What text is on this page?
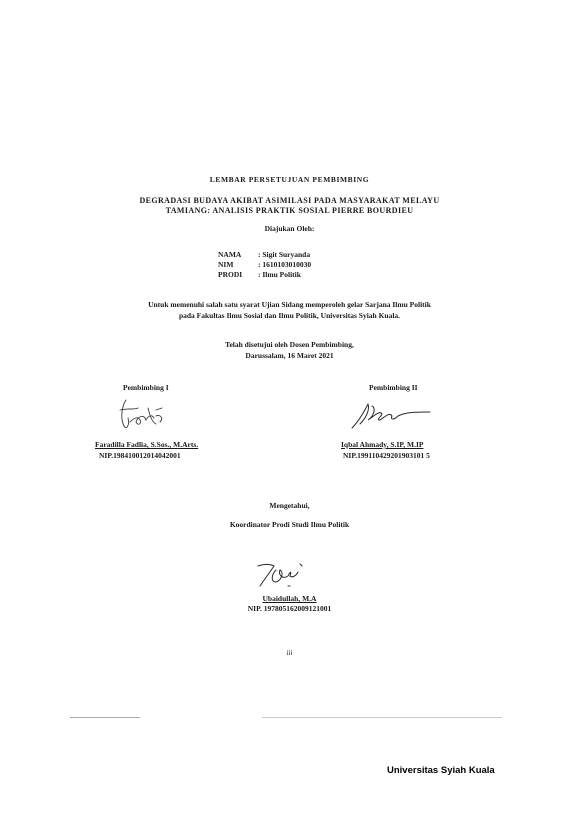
LEMBAR PERSETUJUAN PEMBIMBING
DEGRADASI BUDAYA AKIBAT ASIMILASI PADA MASYARAKAT MELAYU
TAMIANG: ANALISIS PRAKTIK SOSIAL PIERRE BOURDIEU
Diajukan Oleh:
NAMA	: Sigit Suryanda
NIM	: 1610103010030
PRODI	: Ilmu Politik
Untuk memenuhi salah satu syarat Ujian Sidang memperoleh gelar Sarjana Ilmu Politik
pada Fakultas Ilmu Sosial dan Ilmu Politik, Universitas Syiah Kuala.
Telah disetujui oleh Dosen Pembimbing,
Darussalam, 16 Maret 2021
Pembimbing I
Faradilla Fadlia, S.Sos., M.Arts.
NIP.198410012014042001
Pembimbing II
Iqbal Ahmady, S.IP, M.IP
NIP.199110429201903101 5
Mengetahui,
Koordinator Prodi Studi Ilmu Politik
Ubaidullah, M.A
NIP. 197805162009121001
iii
Universitas Syiah Kuala
